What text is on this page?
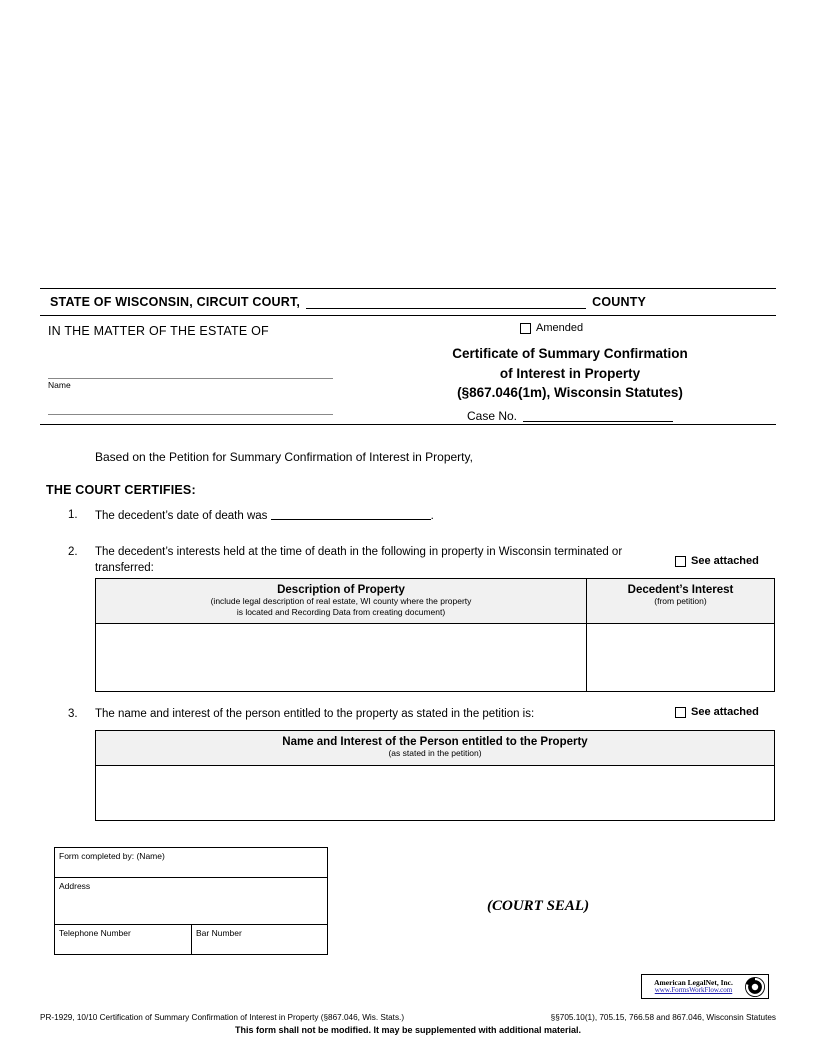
STATE OF WISCONSIN, CIRCUIT COURT,	COUNTY
IN THE MATTER OF THE ESTATE OF
Name
Amended
Certificate of Summary Confirmation
of Interest in Property
(§867.046(1m), Wisconsin Statutes)
Case No.
Based on the Petition for Summary Confirmation of Interest in Property,
THE COURT CERTIFIES:
1. The decedent’s date of death was	.
2. The decedent’s interests held at the time of death in the following in property in Wisconsin terminated or
transferred:
See attached
Description of Property
(include legal description of real estate, WI county where the property
is located and Recording Data from creating document)
Decedent’s Interest
(from petition)
3. The name and interest of the person entitled to the property as stated in the petition is:	See attached
Name and Interest of the Person entitled to the Property
(as stated in the petition)
Form completed by: (Name)
Address
Telephone Number	Bar Number
(COURT SEAL)
American LegalNet, Inc.
www.FormsWorkFlow.com
PR-1929, 10/10 Certification of Summary Confirmation of Interest in Property (§867.046, Wis. Stats.)	§§705.10(1), 705.15, 766.58 and 867.046, Wisconsin Statutes
This form shall not be modified. It may be supplemented with additional material.
